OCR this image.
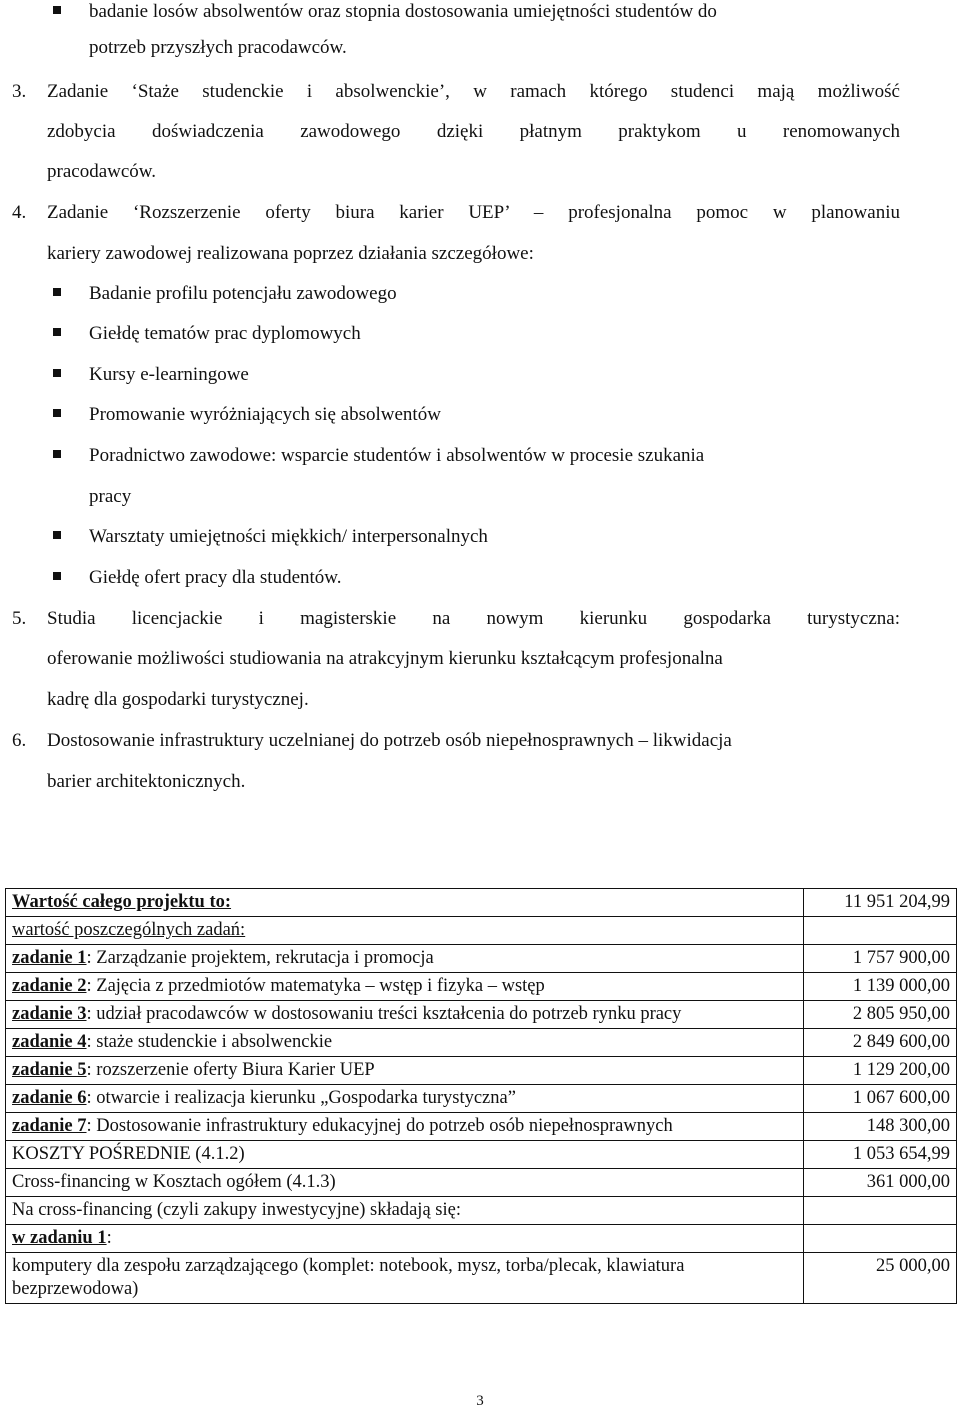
badanie losów absolwentów oraz stopnia dostosowania umiejętności studentów do
potrzeb przyszłych pracodawców.
3. Zadanie ‘Staże studenckie i absolwenckie’, w ramach którego studenci mają możliwość
zdobycia doświadczenia zawodowego dzięki płatnym praktykom u renomowanych
pracodawców.
4. Zadanie ‘Rozszerzenie oferty biura karier UEP’ – profesjonalna pomoc w planowaniu
kariery zawodowej realizowana poprzez działania szczegółowe:
Badanie profilu potencjału zawodowego
Giełdę tematów prac dyplomowych
Kursy e-learningowe
Promowanie wyróżniających się absolwentów
Poradnictwo zawodowe: wsparcie studentów i absolwentów w procesie szukania
pracy
Warsztaty umiejętności miękkich/ interpersonalnych
Giełdę ofert pracy dla studentów.
5. Studia licencjackie i magisterskie na nowym kierunku gospodarka turystyczna:
oferowanie możliwości studiowania na atrakcyjnym kierunku kształcącym profesjonalna
kadrę dla gospodarki turystycznej.
6. Dostosowanie infrastruktury uczelnianej do potrzeb osób niepełnosprawnych – likwidacja
barier architektonicznych.
Wartość całego projektu to:	11 951 204,99
wartość poszczególnych zadań:	
zadanie 1: Zarządzanie projektem, rekrutacja i promocja	1 757 900,00
zadanie 2: Zajęcia z przedmiotów matematyka – wstęp i fizyka – wstęp	1 139 000,00
zadanie 3: udział pracodawców w dostosowaniu treści kształcenia do potrzeb rynku pracy	2 805 950,00
zadanie 4: staże studenckie i absolwenckie	2 849 600,00
zadanie 5: rozszerzenie oferty Biura Karier UEP	1 129 200,00
zadanie 6: otwarcie i realizacja kierunku „Gospodarka turystyczna”	1 067 600,00
zadanie 7: Dostosowanie infrastruktury edukacyjnej do potrzeb osób niepełnosprawnych	148 300,00
KOSZTY POŚREDNIE (4.1.2)	1 053 654,99
Cross-financing w Kosztach ogółem (4.1.3)	361 000,00
Na cross-financing (czyli zakupy inwestycyjne) składają się:	
w zadaniu 1:	
komputery dla zespołu zarządzającego (komplet: notebook, mysz, torba/plecak, klawiatura bezprzewodowa)	25 000,00
3
